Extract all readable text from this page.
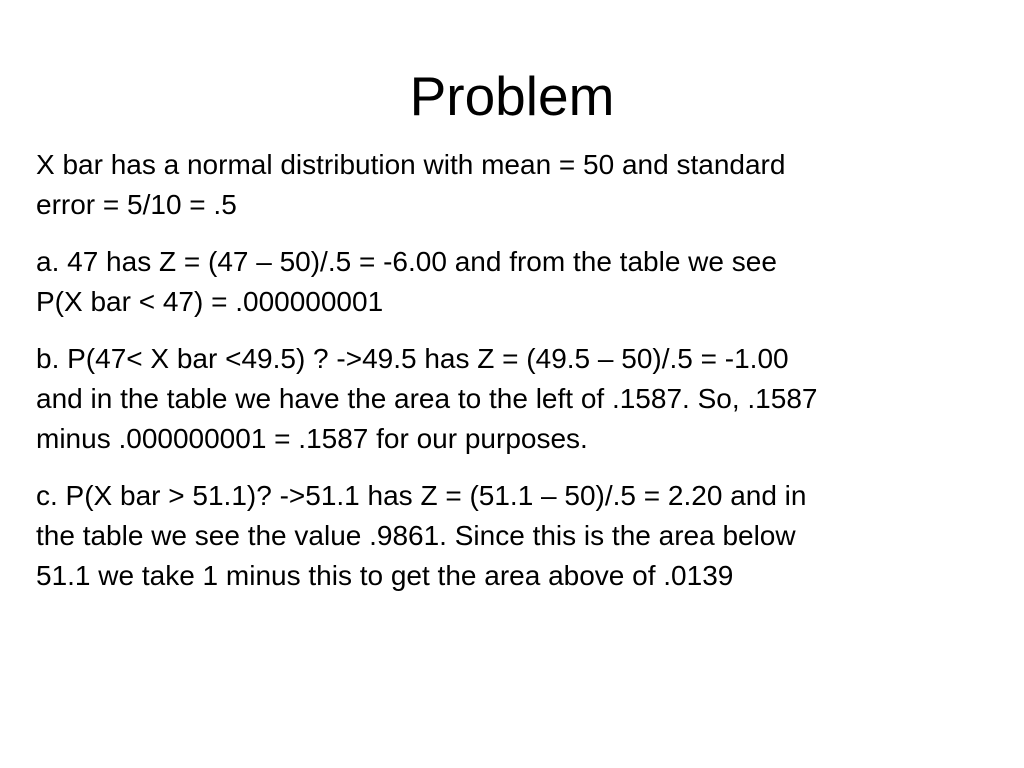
Problem

X bar has a normal distribution with mean = 50 and standard
error = 5/10 = .5

a. 47 has Z = (47 – 50)/.5 = -6.00 and from the table we see
P(X bar < 47) = .000000001

b. P(47< X bar <49.5) ? ->49.5 has Z = (49.5 – 50)/.5 = -1.00
and in the table we have the area to the left of .1587. So, .1587
minus .000000001 = .1587 for our purposes.

c. P(X bar > 51.1)? ->51.1 has Z = (51.1 – 50)/.5 = 2.20 and in
the table we see the value .9861. Since this is the area below
51.1 we take 1 minus this to get the area above of .0139
